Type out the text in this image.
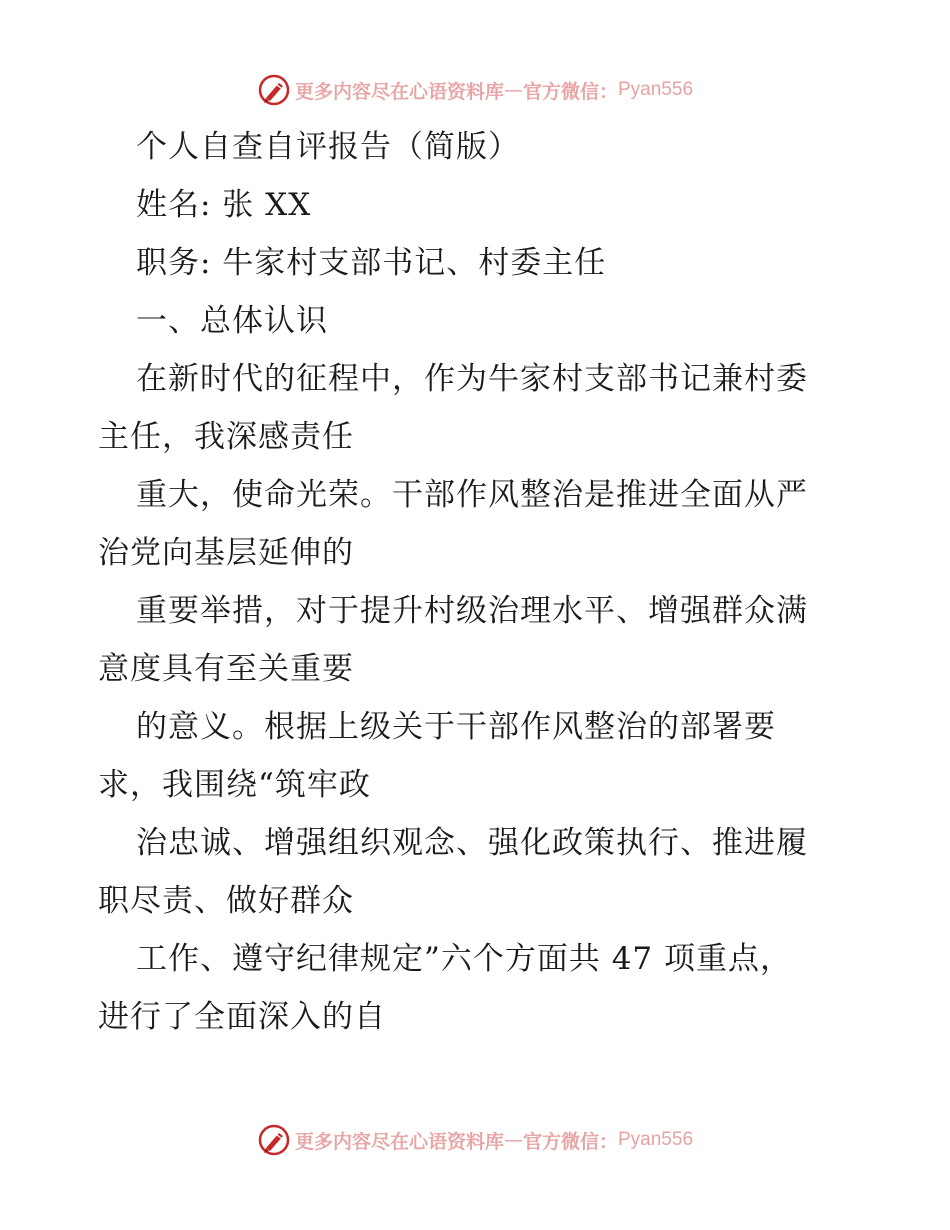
更多内容尽在心语资料库 — 官方微信： Pyan556
个人自查自评报告（简版）
姓名: 张 XX
职务: 牛家村支部书记、村委主任
一、总体认识
在新时代的征程中，作为牛家村支部书记兼村委
主任，我深感责任
重大，使命光荣。干部作风整治是推进全面从严
治党向基层延伸的
重要举措，对于提升村级治理水平、增强群众满
意度具有至关重要
的意义。根据上级关于干部作风整治的部署要
求，我围绕“筑牢政
治忠诚、增强组织观念、强化政策执行、推进履
职尽责、做好群众
工作、遵守纪律规定”六个方面共 47 项重点，
进行了全面深入的自
更多内容尽在心语资料库 — 官方微信： Pyan556
